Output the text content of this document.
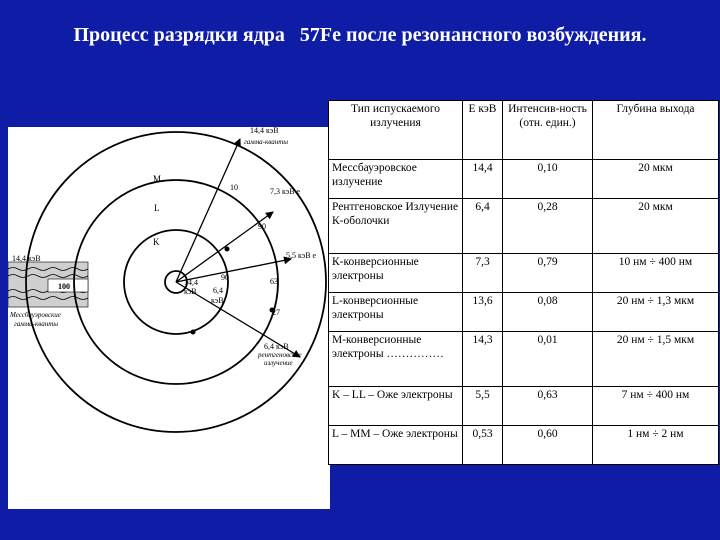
Процесс разрядки ядра   57Fe после резонансного возбуждения.
M
L
K
14,4 кэВ
гамма-кванты
10	7,3 кэВ e
90
5,5 кэВ e
63
90
27
14,4
кэВ 6,4
кэВ
6,4 кэВ
рентгеновское
излучение
14,4 кэВ
100
Мессбауэровские
гамма-кванты
Тип испускаемого излучения	E кэВ	Интенсив-ность (отн. един.)	Глубина выхода
Мессбауэровское излучение	14,4	0,10	20 мкм
Рентгеновское Излучение К-оболочки	6,4	0,28	20 мкм
К-конверсионные электроны	7,3	0,79	10 нм ÷ 400 нм
L-конверсионные электроны	13,6	0,08	20 нм ÷ 1,3 мкм
M-конверсионные электроны ……………	14,3	0,01	20 нм ÷ 1,5 мкм
K – LL – Оже электроны	5,5	0,63	7 нм ÷ 400 нм
L – MM – Оже электроны	0,53	0,60	1 нм ÷ 2 нм
